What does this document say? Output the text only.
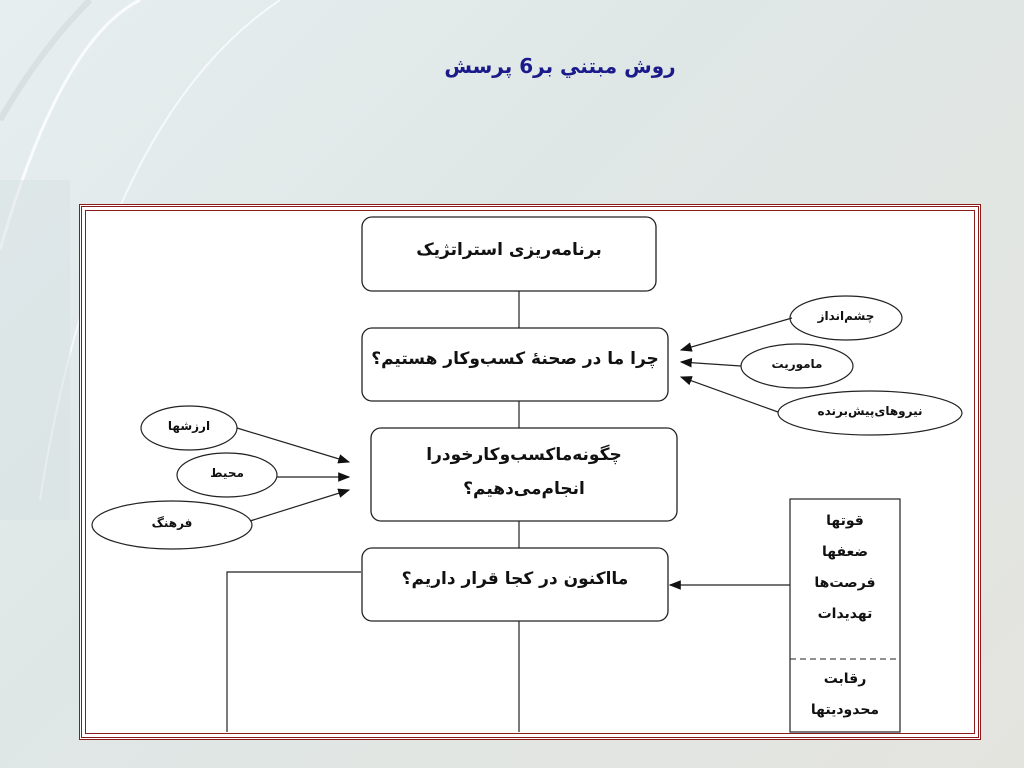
روش مبتني بر6 پرسش
برنامه‌ریزی استراتژیک
چرا ما در صحنهٔ کسب‌وکار هستیم؟
چگونه‌ماکسب‌وکارخودرا
انجام‌می‌دهیم؟
مااکنون در کجا قرار داریم؟
چشم‌انداز
ماموریت
نیروهای‌پیش‌برنده
ارزشها
محیط
فرهنگ	قوتها
ضعفها
فرصت‌ها
تهدیدات
رقابت
محدودیتها
